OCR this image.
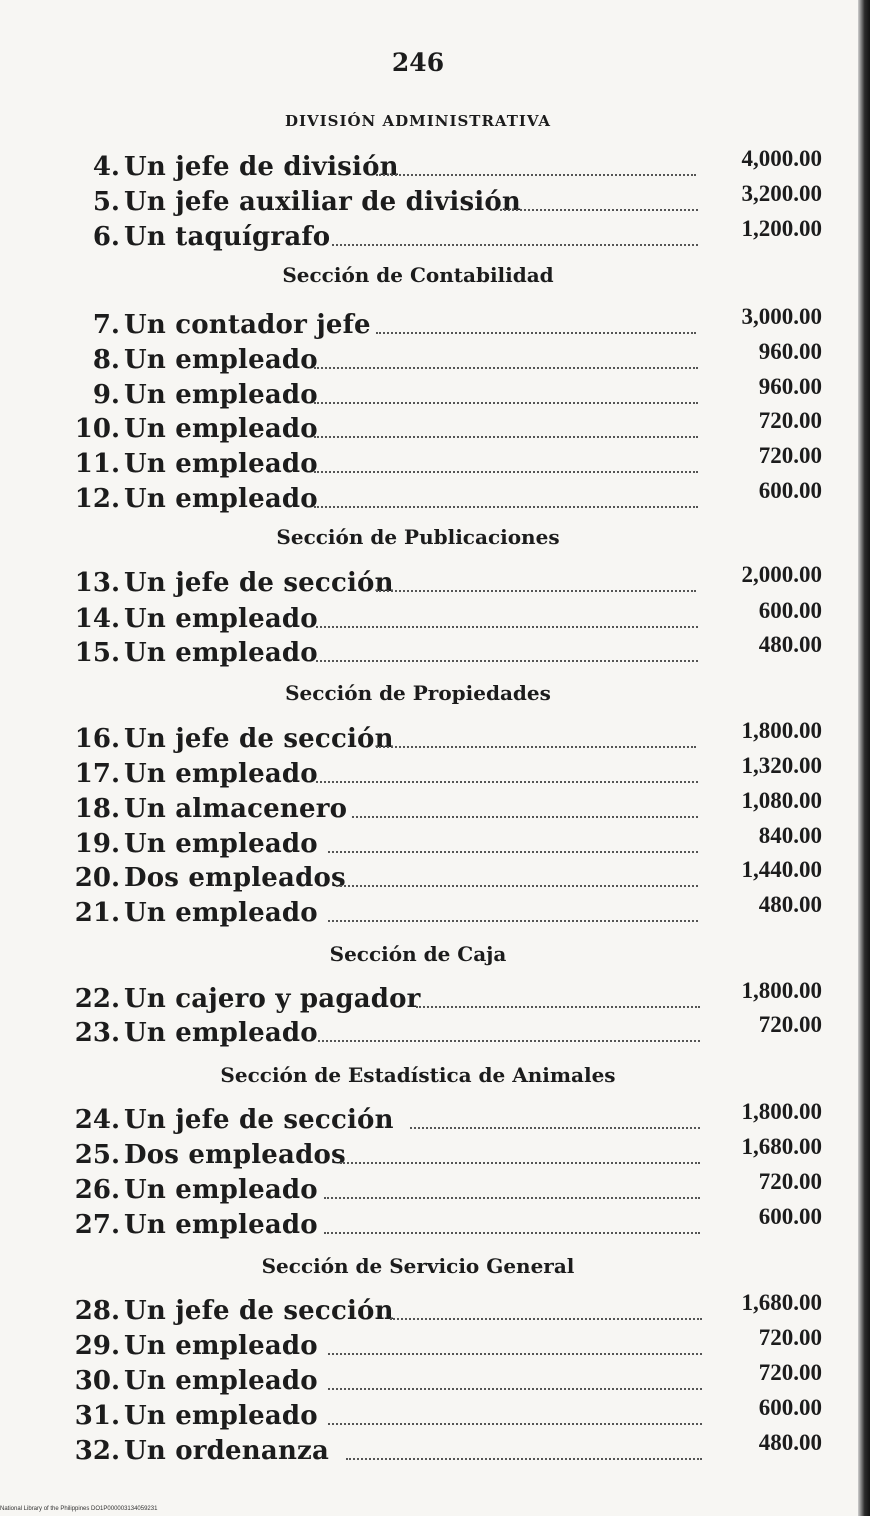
246
DIVISIÓN ADMINISTRATIVA
4. Un jefe de división	4,000.00
5. Un jefe auxiliar de división	3,200.00
6. Un taquígrafo	1,200.00
Sección de Contabilidad
7. Un contador jefe	3,000.00
8. Un empleado	960.00
9. Un empleado	960.00
10. Un empleado	720.00
11. Un empleado	720.00
12. Un empleado	600.00
Sección de Publicaciones
13. Un jefe de sección	2,000.00
14. Un empleado	600.00
15. Un empleado	480.00
Sección de Propiedades
16. Un jefe de sección	1,800.00
17. Un empleado	1,320.00
18. Un almacenero	1,080.00
19. Un empleado	840.00
20. Dos empleados	1,440.00
21. Un empleado	480.00
Sección de Caja
22. Un cajero y pagador	1,800.00
23. Un empleado	720.00
Sección de Estadística de Animales
24. Un jefe de sección	1,800.00
25. Dos empleados	1,680.00
26. Un empleado	720.00
27. Un empleado	600.00
Sección de Servicio General
28. Un jefe de sección	1,680.00
29. Un empleado	720.00
30. Un empleado	720.00
31. Un empleado	600.00
32. Un ordenanza	480.00
National Library of the Philippines DO1P000003134059231
